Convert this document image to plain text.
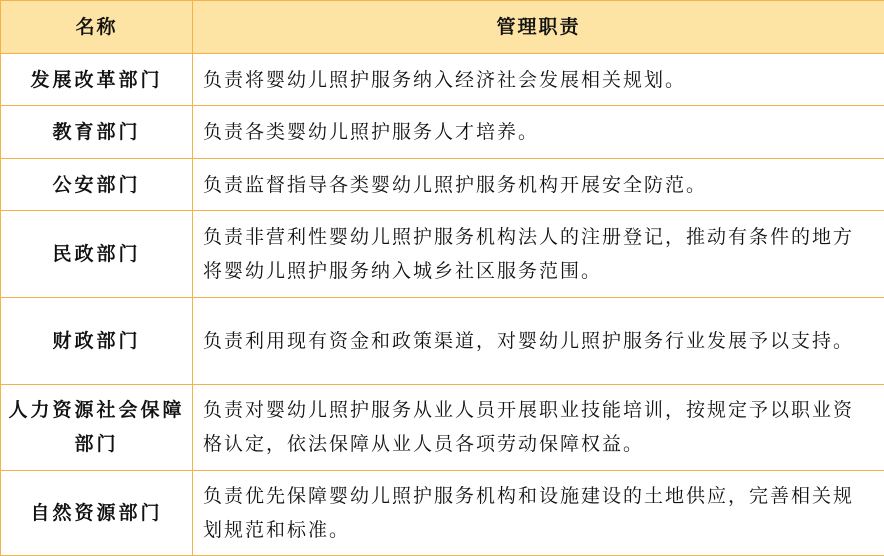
名称	管理职责
发展改革部门	负责将婴幼儿照护服务纳入经济社会发展相关规划。
教育部门	负责各类婴幼儿照护服务人才培养。
公安部门	负责监督指导各类婴幼儿照护服务机构开展安全防范。
民政部门	负责非营利性婴幼儿照护服务机构法人的注册登记，推动有条件的地方将婴幼儿照护服务纳入城乡社区服务范围。
财政部门	负责利用现有资金和政策渠道，对婴幼儿照护服务行业发展予以支持。
人力资源社会保障部门	负责对婴幼儿照护服务从业人员开展职业技能培训，按规定予以职业资格认定，依法保障从业人员各项劳动保障权益。
自然资源部门	负责优先保障婴幼儿照护服务机构和设施建设的土地供应，完善相关规划规范和标准。
